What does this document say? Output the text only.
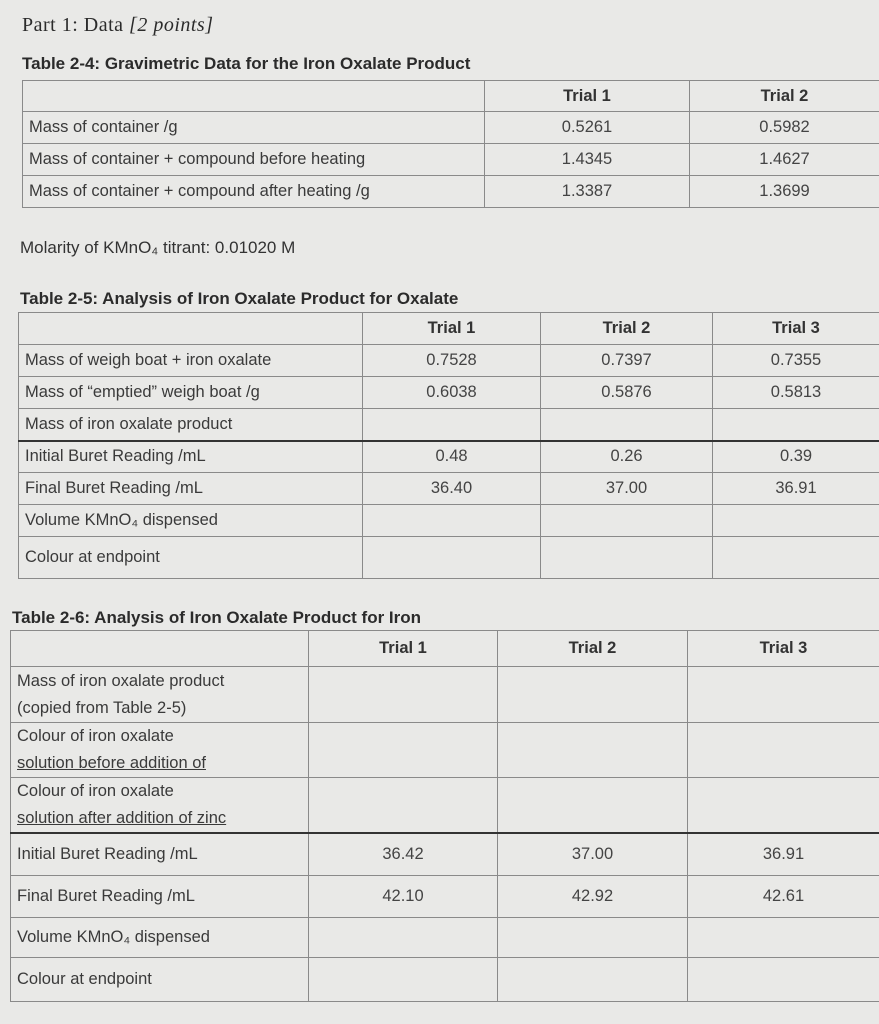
Part 1: Data [2 points]
Table 2-4: Gravimetric Data for the Iron Oxalate Product
	Trial 1	Trial 2
Mass of container /g	0.5261	0.5982
Mass of container + compound before heating	1.4345	1.4627
Mass of container + compound after heating /g	1.3387	1.3699
Molarity of KMnO₄ titrant: 0.01020 M
Table 2-5: Analysis of Iron Oxalate Product for Oxalate
	Trial 1	Trial 2	Trial 3
Mass of weigh boat + iron oxalate	0.7528	0.7397	0.7355
Mass of “emptied” weigh boat /g	0.6038	0.5876	0.5813
Mass of iron oxalate product			
Initial Buret Reading /mL	0.48	0.26	0.39
Final Buret Reading /mL	36.40	37.00	36.91
Volume KMnO₄ dispensed			
Colour at endpoint			
Table 2-6: Analysis of Iron Oxalate Product for Iron
	Trial 1	Trial 2	Trial 3

Mass of iron oxalate product
(copied from Table 2-5)			

Colour of iron oxalate
solution before addition of			

Colour of iron oxalate
solution after addition of zinc			

Initial Buret Reading /mL	36.42	37.00	36.91
Final Buret Reading /mL	42.10	42.92	42.61
Volume KMnO₄ dispensed			
Colour at endpoint			
